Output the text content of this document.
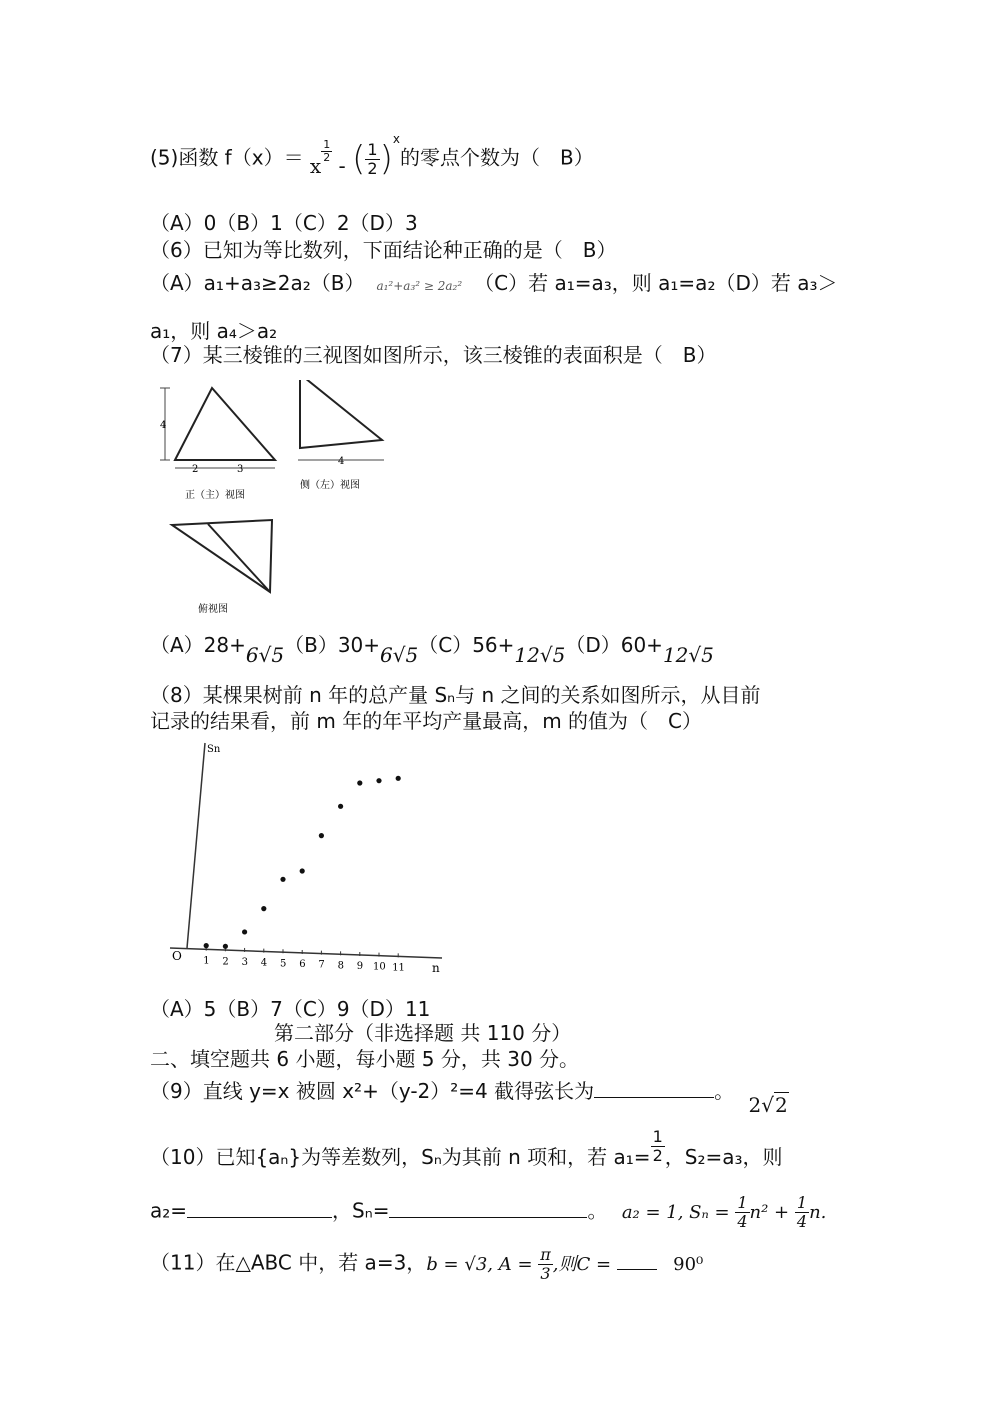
(5)函数 f（x）＝ x
$\frac{1}{2}$
- ( $\frac{1}{2} )^x$的零点个数为（　B）
（A）0（B）1（C）2（D）3
（6）已知为等比数列，下面结论种正确的是（　B）
（A）a₁+a₃≥2a₂（B） a₁²+a₃² ≥ 2a₂² （C）若 a₁=a₃，则 a₁=a₂（D）若 a₃＞
a₁，则 a₄＞a₂
（7）某三棱锥的三视图如图所示，该三棱锥的表面积是（　B）
4
2	3
正（主）视图
4
侧（左）视图
俯视图
（A）28+6√5（B）30+6√5（C）56+12√5（D）60+12√5
（8）某棵果树前 n 年的总产量 Sₙ与 n 之间的关系如图所示，从目前
记录的结果看，前 m 年的年平均产量最高，m 的值为（　C）
O
Sn
n
1 2 3 4 5 6 7 8 9 10 11
（A）5（B）7（C）9（D）11
第二部分（非选择题 共 110 分）
二、填空题共 6 小题，每小题 5 分，共 30 分。
（9）直线 y=x 被圆 x²+（y-2）²=4 截得弦长为	。 2√2
（10）已知{aₙ}为等差数列，Sₙ为其前 n 项和，若 $a_1= \frac{1}{2}$ ，S₂=a₃，则
a₂=	，Sₙ=	。 a₂ = 1, $S_n = \frac{1}{4} n^2 + \frac{1}{4} n$.
（11）在△ABC 中，若 a=3，b = √3, $A = \frac{\pi}{3}$ ,则C =	90⁰
